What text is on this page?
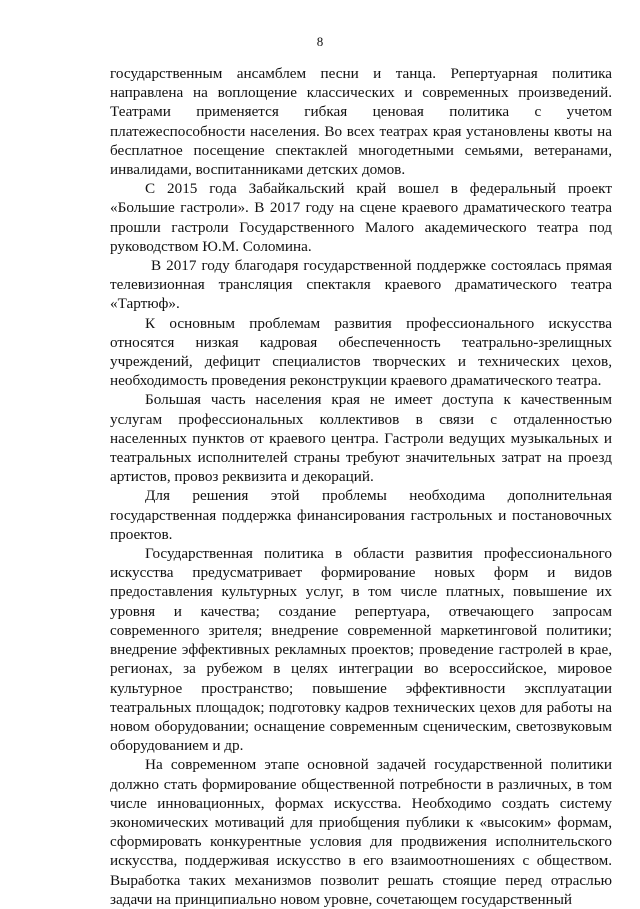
8

государственным ансамблем песни и танца. Репертуарная политика направлена на воплощение классических и современных произведений. Театрами применяется гибкая ценовая политика с учетом платежеспособности населения. Во всех театрах края установлены квоты на бесплатное посещение спектаклей многодетными семьями, ветеранами, инвалидами, воспитанниками детских домов.

С 2015 года Забайкальский край вошел в федеральный проект «Большие гастроли». В 2017 году на сцене краевого драматического театра прошли гастроли Государственного Малого академического театра под руководством Ю.М. Соломина.

В 2017 году благодаря государственной поддержке состоялась прямая телевизионная трансляция спектакля краевого драматического театра «Тартюф».

К основным проблемам развития профессионального искусства относятся низкая кадровая обеспеченность театрально-зрелищных учреждений, дефицит специалистов творческих и технических цехов, необходимость проведения реконструкции краевого драматического театра.

Большая часть населения края не имеет доступа к качественным услугам профессиональных коллективов в связи с отдаленностью населенных пунктов от краевого центра. Гастроли ведущих музыкальных и театральных исполнителей страны требуют значительных затрат на проезд артистов, провоз реквизита и декораций.

Для решения этой проблемы необходима дополнительная государственная поддержка финансирования гастрольных и постановочных проектов.

Государственная политика в области развития профессионального искусства предусматривает формирование новых форм и видов предоставления культурных услуг, в том числе платных, повышение их уровня и качества; создание репертуара, отвечающего запросам современного зрителя; внедрение современной маркетинговой политики; внедрение эффективных рекламных проектов; проведение гастролей в крае, регионах, за рубежом в целях интеграции во всероссийское, мировое культурное пространство; повышение эффективности эксплуатации театральных площадок; подготовку кадров технических цехов для работы на новом оборудовании; оснащение современным сценическим, светозвуковым оборудованием и др.

На современном этапе основной задачей государственной политики должно стать формирование общественной потребности в различных, в том числе инновационных, формах искусства. Необходимо создать систему экономических мотиваций для приобщения публики к «высоким» формам, сформировать конкурентные условия для продвижения исполнительского искусства, поддерживая искусство в его взаимоотношениях с обществом. Выработка таких механизмов позволит решать стоящие перед отраслью задачи на принципиально новом уровне, сочетающем государственный
